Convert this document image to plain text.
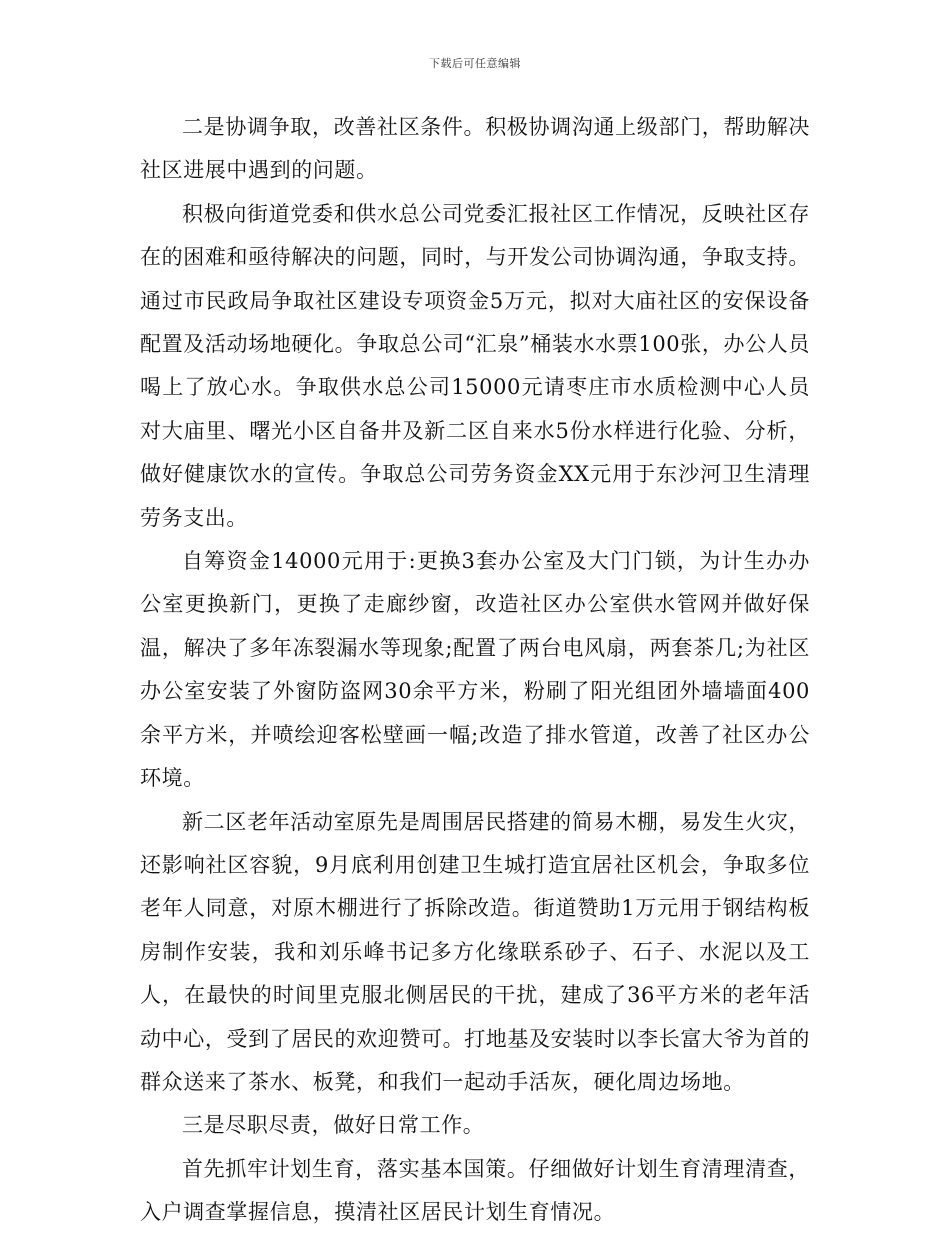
下载后可任意编辑

二是协调争取，改善社区条件。积极协调沟通上级部门，帮助解决社区进展中遇到的问题。

积极向街道党委和供水总公司党委汇报社区工作情况，反映社区存在的困难和亟待解决的问题，同时，与开发公司协调沟通，争取支持。通过市民政局争取社区建设专项资金5万元，拟对大庙社区的安保设备配置及活动场地硬化。争取总公司“汇泉”桶装水水票100张，办公人员喝上了放心水。争取供水总公司15000元请枣庄市水质检测中心人员对大庙里、曙光小区自备井及新二区自来水5份水样进行化验、分析，做好健康饮水的宣传。争取总公司劳务资金XX元用于东沙河卫生清理劳务支出。

自筹资金14000元用于:更换3套办公室及大门门锁，为计生办办公室更换新门，更换了走廊纱窗，改造社区办公室供水管网并做好保温，解决了多年冻裂漏水等现象;配置了两台电风扇，两套茶几;为社区办公室安装了外窗防盗网30余平方米，粉刷了阳光组团外墙墙面400余平方米，并喷绘迎客松壁画一幅;改造了排水管道，改善了社区办公环境。

新二区老年活动室原先是周围居民搭建的简易木棚，易发生火灾，还影响社区容貌，9月底利用创建卫生城打造宜居社区机会，争取多位老年人同意，对原木棚进行了拆除改造。街道赞助1万元用于钢结构板房制作安装，我和刘乐峰书记多方化缘联系砂子、石子、水泥以及工人，在最快的时间里克服北侧居民的干扰，建成了36平方米的老年活动中心，受到了居民的欢迎赞可。打地基及安装时以李长富大爷为首的群众送来了茶水、板凳，和我们一起动手活灰，硬化周边场地。

三是尽职尽责，做好日常工作。

首先抓牢计划生育，落实基本国策。仔细做好计划生育清理清查，入户调查掌握信息，摸清社区居民计划生育情况。
